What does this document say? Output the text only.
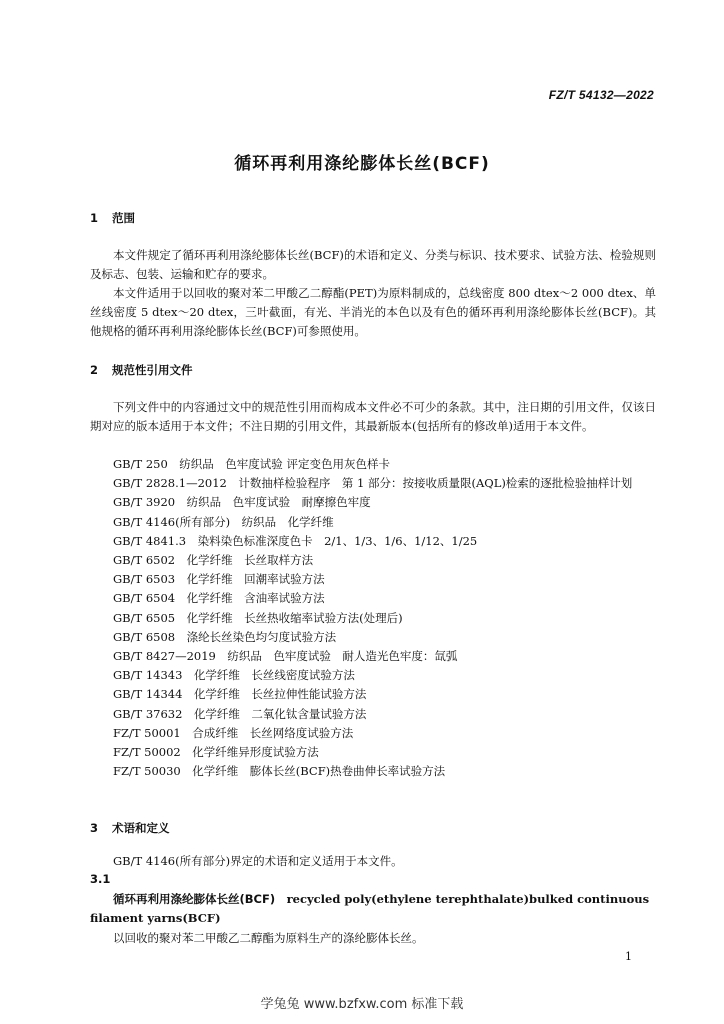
FZ/T 54132—2022
循环再利用涤纶膨体长丝(BCF)
1 范围
本文件规定了循环再利用涤纶膨体长丝(BCF)的术语和定义、分类与标识、技术要求、试验方法、检验规则及标志、包装、运输和贮存的要求。
本文件适用于以回收的聚对苯二甲酸乙二醇酯(PET)为原料制成的，总线密度 800 dtex～2 000 dtex、单丝线密度 5 dtex～20 dtex，三叶截面，有光、半消光的本色以及有色的循环再利用涤纶膨体长丝(BCF)。其他规格的循环再利用涤纶膨体长丝(BCF)可参照使用。
2 规范性引用文件
下列文件中的内容通过文中的规范性引用而构成本文件必不可少的条款。其中，注日期的引用文件，仅该日期对应的版本适用于本文件；不注日期的引用文件，其最新版本(包括所有的修改单)适用于本文件。
GB/T 250　纺织品　色牢度试验 评定变色用灰色样卡
GB/T 2828.1—2012　计数抽样检验程序　第 1 部分：按接收质量限(AQL)检索的逐批检验抽样计划
GB/T 3920　纺织品　色牢度试验　耐摩擦色牢度
GB/T 4146(所有部分)　纺织品　化学纤维
GB/T 4841.3　染料染色标准深度色卡　2/1、1/3、1/6、1/12、1/25
GB/T 6502　化学纤维　长丝取样方法
GB/T 6503　化学纤维　回潮率试验方法
GB/T 6504　化学纤维　含油率试验方法
GB/T 6505　化学纤维　长丝热收缩率试验方法(处理后)
GB/T 6508　涤纶长丝染色均匀度试验方法
GB/T 8427—2019　纺织品　色牢度试验　耐人造光色牢度：氙弧
GB/T 14343　化学纤维　长丝线密度试验方法
GB/T 14344　化学纤维　长丝拉伸性能试验方法
GB/T 37632　化学纤维　二氧化钛含量试验方法
FZ/T 50001　合成纤维　长丝网络度试验方法
FZ/T 50002　化学纤维异形度试验方法
FZ/T 50030　化学纤维　膨体长丝(BCF)热卷曲伸长率试验方法
3 术语和定义
GB/T 4146(所有部分)界定的术语和定义适用于本文件。
3.1
循环再利用涤纶膨体长丝(BCF)　 recycled poly(ethylene terephthalate)bulked continuous filament yarns(BCF)
以回收的聚对苯二甲酸乙二醇酯为原料生产的涤纶膨体长丝。
1
学兔兔 www.bzfxw.com 标准下载
